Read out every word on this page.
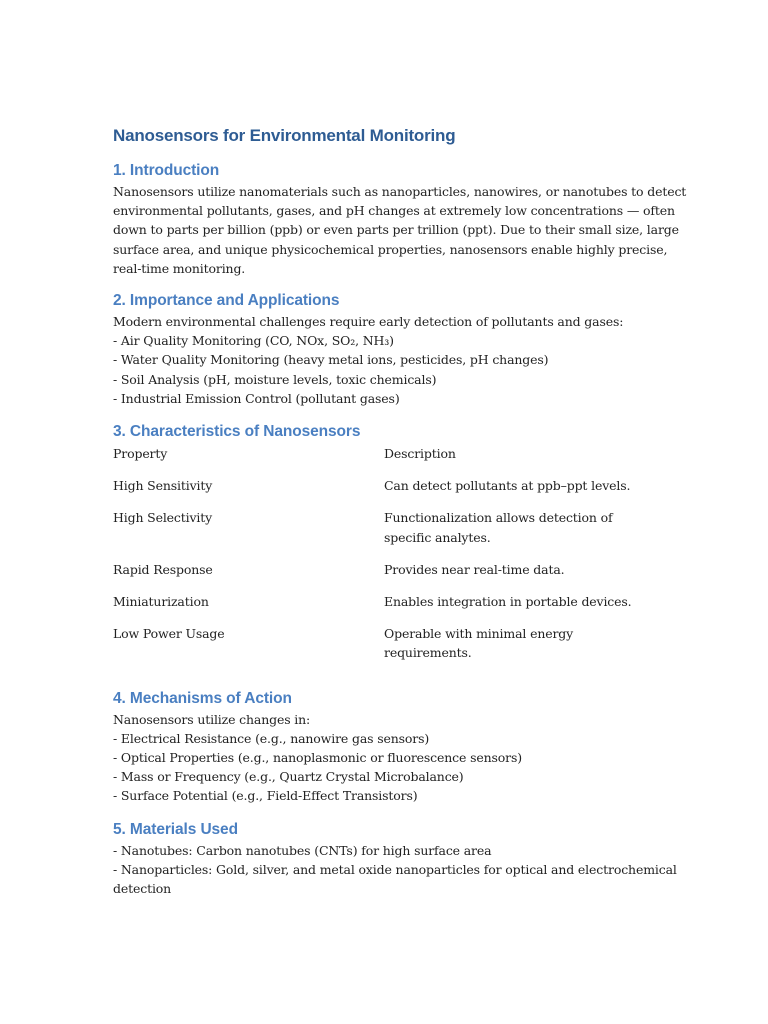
Nanosensors for Environmental Monitoring
1. Introduction
Nanosensors utilize nanomaterials such as nanoparticles, nanowires, or nanotubes to detect
environmental pollutants, gases, and pH changes at extremely low concentrations — often
down to parts per billion (ppb) or even parts per trillion (ppt). Due to their small size, large
surface area, and unique physicochemical properties, nanosensors enable highly precise,
real-time monitoring.
2. Importance and Applications
Modern environmental challenges require early detection of pollutants and gases:
- Air Quality Monitoring (CO, NOx, SO₂, NH₃)
- Water Quality Monitoring (heavy metal ions, pesticides, pH changes)
- Soil Analysis (pH, moisture levels, toxic chemicals)
- Industrial Emission Control (pollutant gases)
3. Characteristics of Nanosensors
Property	Description
High Sensitivity	Can detect pollutants at ppb–ppt levels.
High Selectivity	Functionalization allows detection of
specific analytes.
Rapid Response	Provides near real-time data.
Miniaturization	Enables integration in portable devices.
Low Power Usage	Operable with minimal energy
requirements.
4. Mechanisms of Action
Nanosensors utilize changes in:
- Electrical Resistance (e.g., nanowire gas sensors)
- Optical Properties (e.g., nanoplasmonic or fluorescence sensors)
- Mass or Frequency (e.g., Quartz Crystal Microbalance)
- Surface Potential (e.g., Field-Effect Transistors)
5. Materials Used
- Nanotubes: Carbon nanotubes (CNTs) for high surface area
- Nanoparticles: Gold, silver, and metal oxide nanoparticles for optical and electrochemical
detection
